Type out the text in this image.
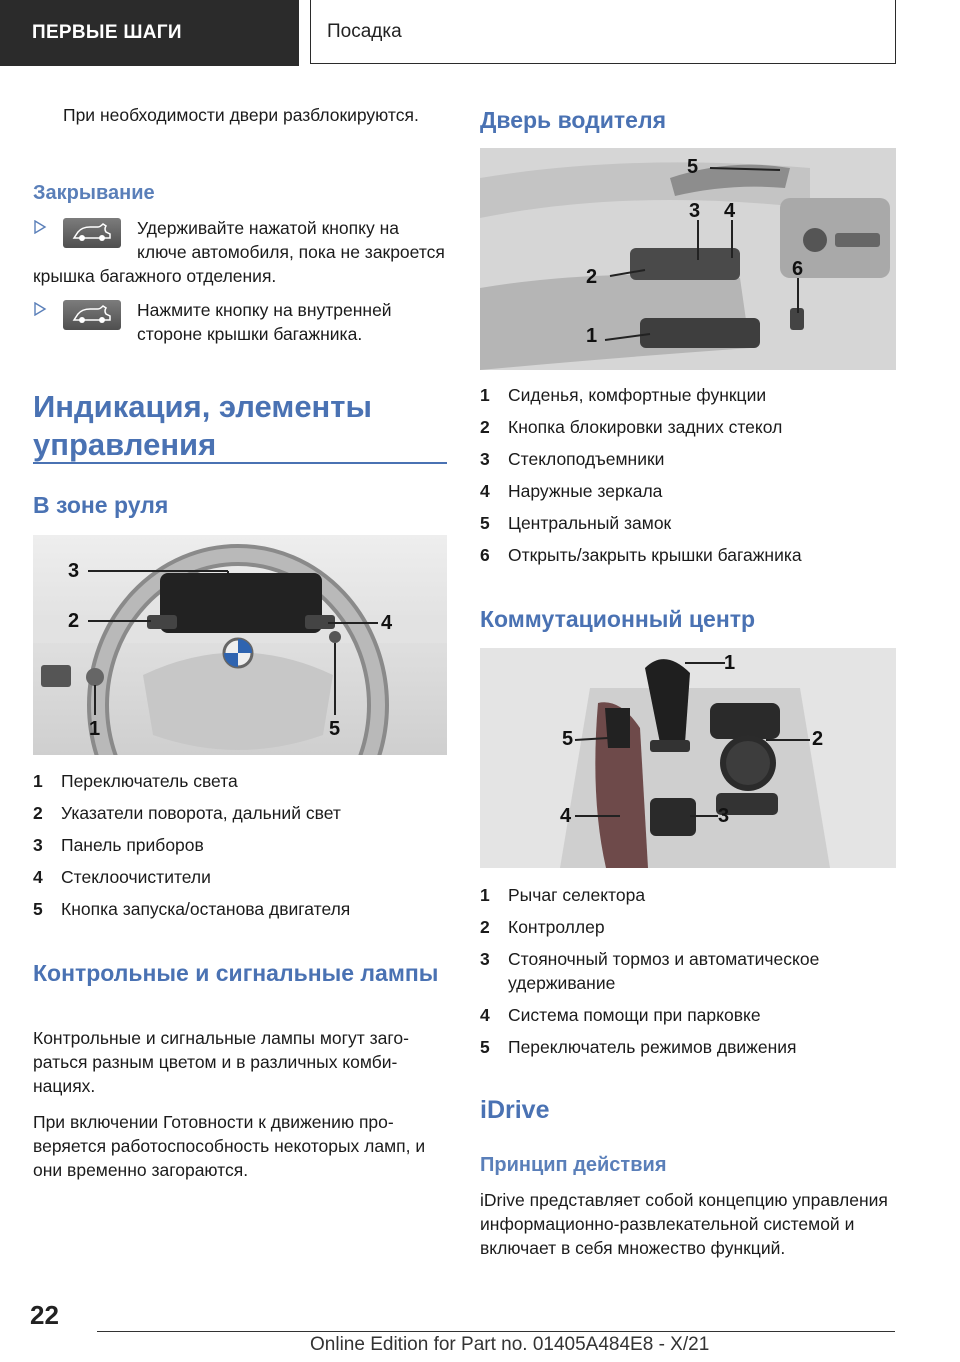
ПЕРВЫЕ ШАГИ	Посадка

При необходимости двери разблокируются.

Закрывание
Удерживайте нажатой кнопку на ключе автомобиля, пока не закроется крышка багажного отделения.
Нажмите кнопку на внутренней стороне крышки багажника.
Индикация, элементы управления
В зоне руля
3
2	4
1	5
1 Переключатель света
2 Указатели поворота, дальний свет
3 Панель приборов
4 Стеклоочистители
5 Кнопка запуска/останова двигателя
Контрольные и сигнальные лампы

Контрольные и сигнальные лампы могут загораться разным цветом и в различных комбинациях.

При включении Готовности к движению проверяется работоспособность некоторых ламп, и они временно загораются.

Дверь водителя
5
3 4
2	6
1
1 Сиденья, комфортные функции
2 Кнопка блокировки задних стекол
3 Стеклоподъемники
4 Наружные зеркала
5 Центральный замок
6 Открыть/закрыть крышки багажника
Коммутационный центр
1
5	2
4	3
1 Рычаг селектора
2 Контроллер
3 Стояночный тормоз и автоматическое удерживание
4 Система помощи при парковке
5 Переключатель режимов движения
iDrive
Принцип действия

iDrive представляет собой концепцию управления информационно-развлекательной системой и включает в себя множество функций.

22
Online Edition for Part no. 01405A484E8 - X/21
